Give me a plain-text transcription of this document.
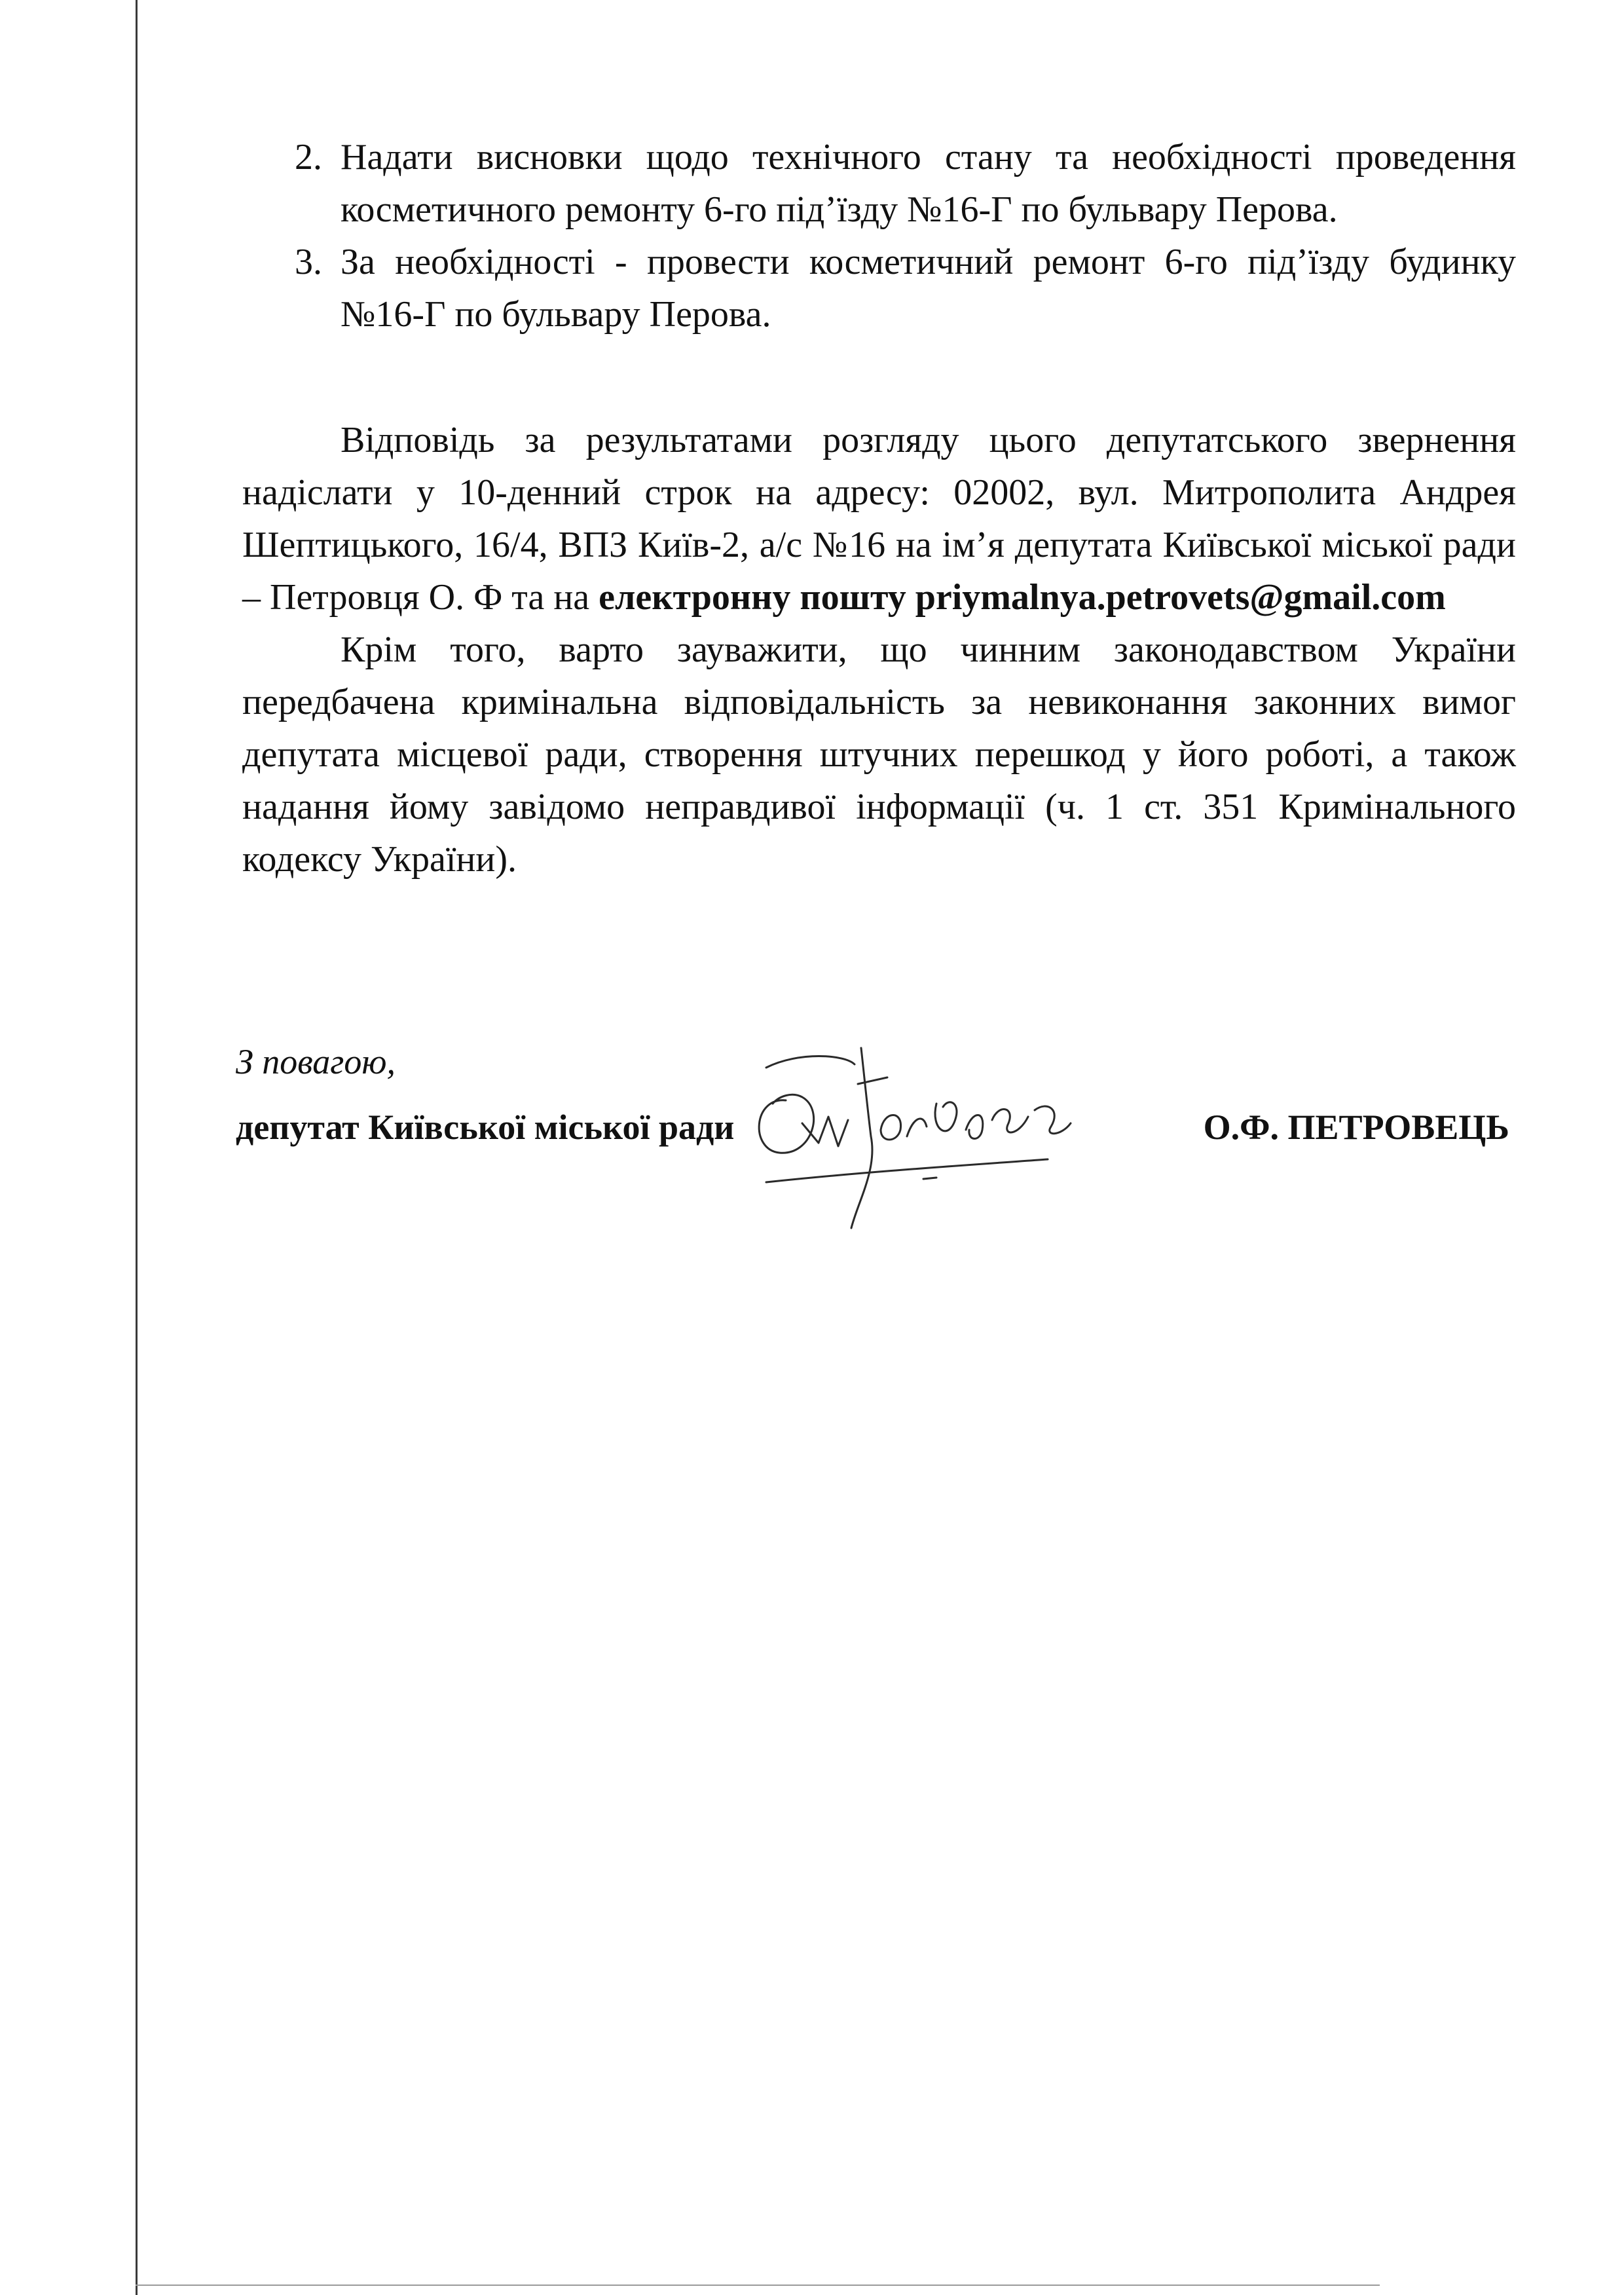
2. Надати висновки щодо технічного стану та необхідності проведення косметичного ремонту 6-го під’їзду №16-Г по бульвару Перова.
3. За необхідності - провести косметичний ремонт 6-го під’їзду будинку №16-Г по бульвару Перова.

Відповідь за результатами розгляду цього депутатського звернення надіслати у 10-денний строк на адресу: 02002, вул. Митрополита Андрея Шептицького, 16/4, ВПЗ Київ-2, а/с №16 на ім’я депутата Київської міської ради – Петровця О. Ф та на електронну пошту priymalnya.petrovets@gmail.com

Крім того, варто зауважити, що чинним законодавством України передбачена кримінальна відповідальність за невиконання законних вимог депутата місцевої ради, створення штучних перешкод у його роботі, а також надання йому завідомо неправдивої інформації (ч. 1 ст. 351 Кримінального кодексу України).

З повагою,
депутат Київської міської ради	О.Ф. ПЕТРОВЕЦЬ
